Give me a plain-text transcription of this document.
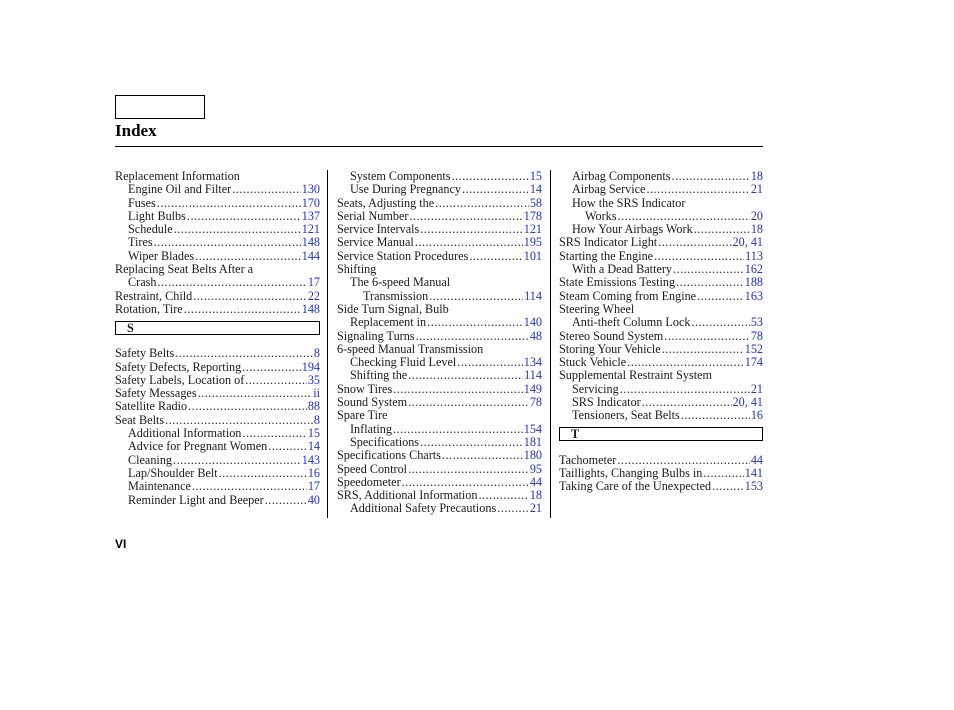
Index
Replacement Information
Engine Oil and Filter .....	130
Fuses .....	170
Light Bulbs .....	137
Schedule .....	121
Tires .....	148
Wiper Blades .....	144
Replacing Seat Belts After a
Crash .....	17
Restraint, Child .....	22
Rotation, Tire .....	148
S
Safety Belts .....	8
Safety Defects, Reporting .....	194
Safety Labels, Location of .....	35
Safety Messages .....	ii
Satellite Radio .....	88
Seat Belts .....	8
Additional Information .....	15
Advice for Pregnant Women .....	14
Cleaning .....	143
Lap/Shoulder Belt .....	16
Maintenance .....	17
Reminder Light and Beeper .....	40
System Components .....	15
Use During Pregnancy .....	14
Seats, Adjusting the .....	58
Serial Number .....	178
Service Intervals .....	121
Service Manual .....	195
Service Station Procedures .....	101
Shifting
The 6-speed Manual
Transmission .....	114
Side Turn Signal, Bulb
Replacement in .....	140
Signaling Turns .....	48
6-speed Manual Transmission
Checking Fluid Level .....	134
Shifting the .....	114
Snow Tires .....	149
Sound System .....	78
Spare Tire
Inflating .....	154
Specifications .....	181
Specifications Charts .....	180
Speed Control .....	95
Speedometer .....	44
SRS, Additional Information .....	18
Additional Safety Precautions .....	21
Airbag Components .....	18
Airbag Service .....	21
How the SRS Indicator
Works .....	20
How Your Airbags Work .....	18
SRS Indicator Light .....	20, 41
Starting the Engine .....	113
With a Dead Battery .....	162
State Emissions Testing .....	188
Steam Coming from Engine .....	163
Steering Wheel
Anti-theft Column Lock .....	53
Stereo Sound System .....	78
Storing Your Vehicle .....	152
Stuck Vehicle .....	174
Supplemental Restraint System
Servicing .....	21
SRS Indicator .....	20, 41
Tensioners, Seat Belts .....	16
T
Tachometer .....	44
Taillights, Changing Bulbs in .....	141
Taking Care of the Unexpected .....	153
VI
